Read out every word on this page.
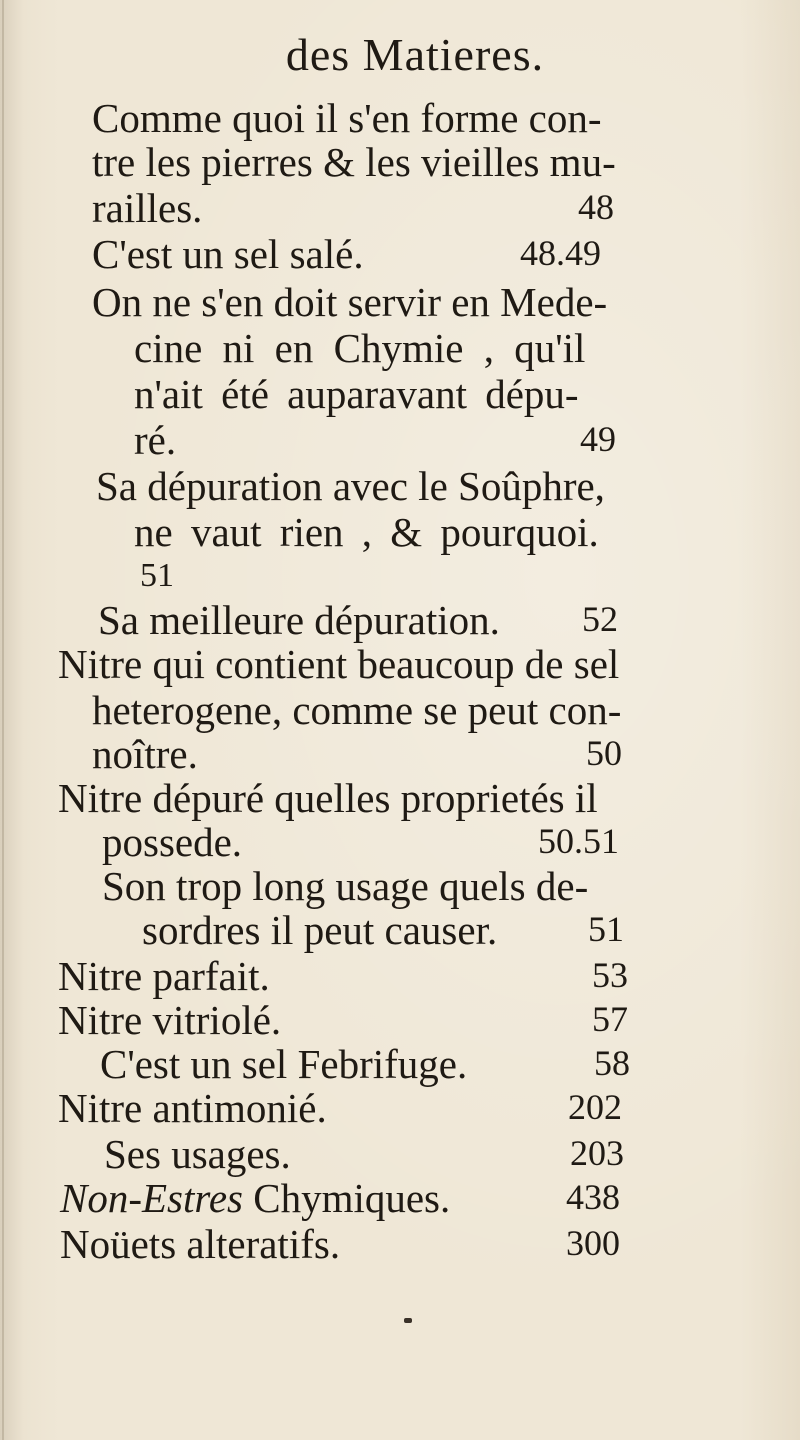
des Matieres.
Comme quoi il s'en forme con-
tre les pierres & les vieilles mu-
railles.	48
C'est un sel salé.	48.49
On ne s'en doit servir en Mede-
cine ni en Chymie , qu'il
n'ait été auparavant dépu-
ré.	49
Sa dépuration avec le Soûphre,
ne vaut rien , & pourquoi.
51
Sa meilleure dépuration. 52
Nitre qui contient beaucoup de sel
heterogene, comme se peut con-
noître.	50
Nitre dépuré quelles proprietés il
possede.	50.51
Son trop long usage quels de-
sordres il peut causer.	51
Nitre parfait.	53
Nitre vitriolé.	57
C'est un sel Febrifuge.	58
Nitre antimonié.	202
Ses usages.	203
Non-Estres Chymiques.	438
Noüets alteratifs.	300
